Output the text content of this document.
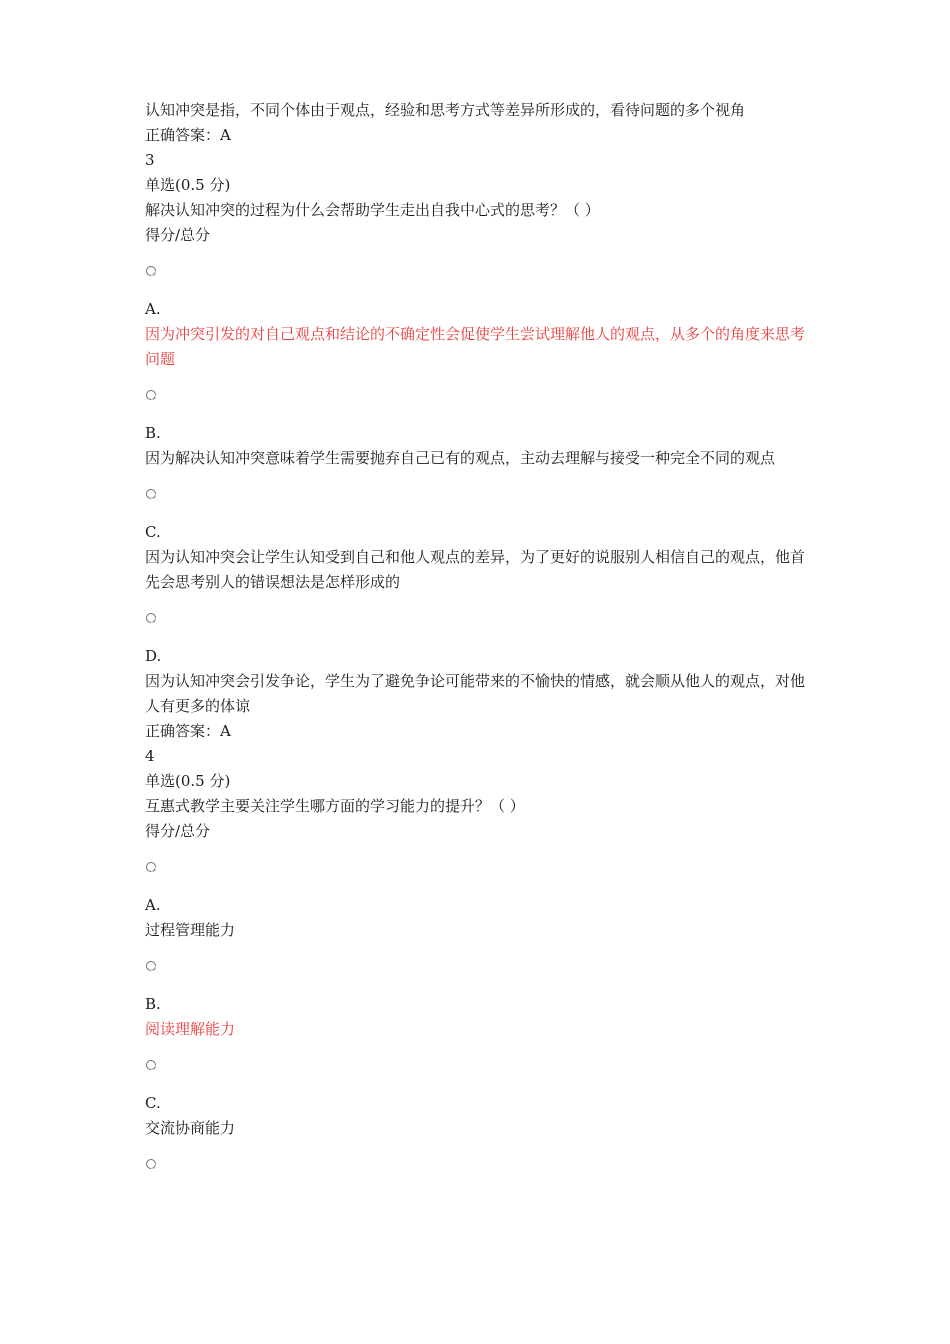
认知冲突是指，不同个体由于观点，经验和思考方式等差异所形成的，看待问题的多个视角

正确答案：A

3

单选(0.5 分)

解决认知冲突的过程为什么会帮助学生走出自我中心式的思考？（ ）

得分/总分

A.

因为冲突引发的对自己观点和结论的不确定性会促使学生尝试理解他人的观点，从多个的角度来思考问题

B.

因为解决认知冲突意味着学生需要抛弃自己已有的观点，主动去理解与接受一种完全不同的观点

C.

因为认知冲突会让学生认知受到自己和他人观点的差异，为了更好的说服别人相信自己的观点，他首先会思考别人的错误想法是怎样形成的

D.

因为认知冲突会引发争论，学生为了避免争论可能带来的不愉快的情感，就会顺从他人的观点，对他人有更多的体谅

正确答案：A

4

单选(0.5 分)

互惠式教学主要关注学生哪方面的学习能力的提升？（ ）

得分/总分

A.

过程管理能力

B.

阅读理解能力

C.

交流协商能力
